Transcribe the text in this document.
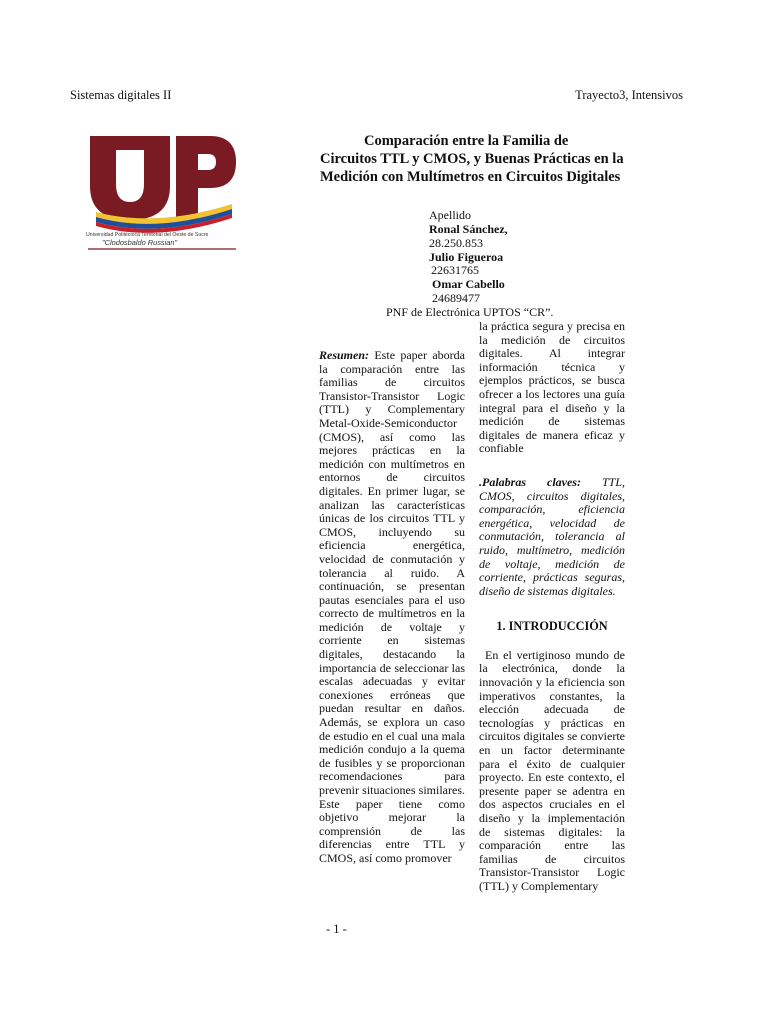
Sistemas digitales II	Trayecto3, Intensivos
Universidad Politécnica Territorial del Oeste de Sucre
"Clodosbaldo Russian"
Comparación entre la Familia de Circuitos TTL y CMOS, y Buenas Prácticas en la Medición con Multímetros en Circuitos Digitales
Apellido
Ronal Sánchez,
28.250.853
Julio Figueroa
22631765
Omar Cabello
24689477
PNF de Electrónica UPTOS “CR”.

Resumen: Este paper aborda la comparación entre las familias de circuitos Transistor-Transistor Logic (TTL) y Complementary Metal-Oxide-Semiconductor (CMOS), así como las mejores prácticas en la medición con multímetros en entornos de circuitos digitales. En primer lugar, se analizan las características únicas de los circuitos TTL y CMOS, incluyendo su eficiencia energética, velocidad de conmutación y tolerancia al ruido. A continuación, se presentan pautas esenciales para el uso correcto de multímetros en la medición de voltaje y corriente en sistemas digitales, destacando la importancia de seleccionar las escalas adecuadas y evitar conexiones erróneas que puedan resultar en daños. Además, se explora un caso de estudio en el cual una mala medición condujo a la quema de fusibles y se proporcionan recomendaciones para prevenir situaciones similares. Este paper tiene como objetivo mejorar la comprensión de las diferencias entre TTL y CMOS, así como promover

la práctica segura y precisa en la medición de circuitos digitales. Al integrar información técnica y ejemplos prácticos, se busca ofrecer a los lectores una guía integral para el diseño y la medición de sistemas digitales de manera eficaz y confiable

.Palabras claves: TTL, CMOS, circuitos digitales, comparación, eficiencia energética, velocidad de conmutación, tolerancia al ruido, multímetro, medición de voltaje, medición de corriente, prácticas seguras, diseño de sistemas digitales.

1. INTRODUCCIÓN

En el vertiginoso mundo de la electrónica, donde la innovación y la eficiencia son imperativos constantes, la elección adecuada de tecnologías y prácticas en circuitos digitales se convierte en un factor determinante para el éxito de cualquier proyecto. En este contexto, el presente paper se adentra en dos aspectos cruciales en el diseño y la implementación de sistemas digitales: la comparación entre las familias de circuitos Transistor-Transistor Logic (TTL) y Complementary

- 1 -
